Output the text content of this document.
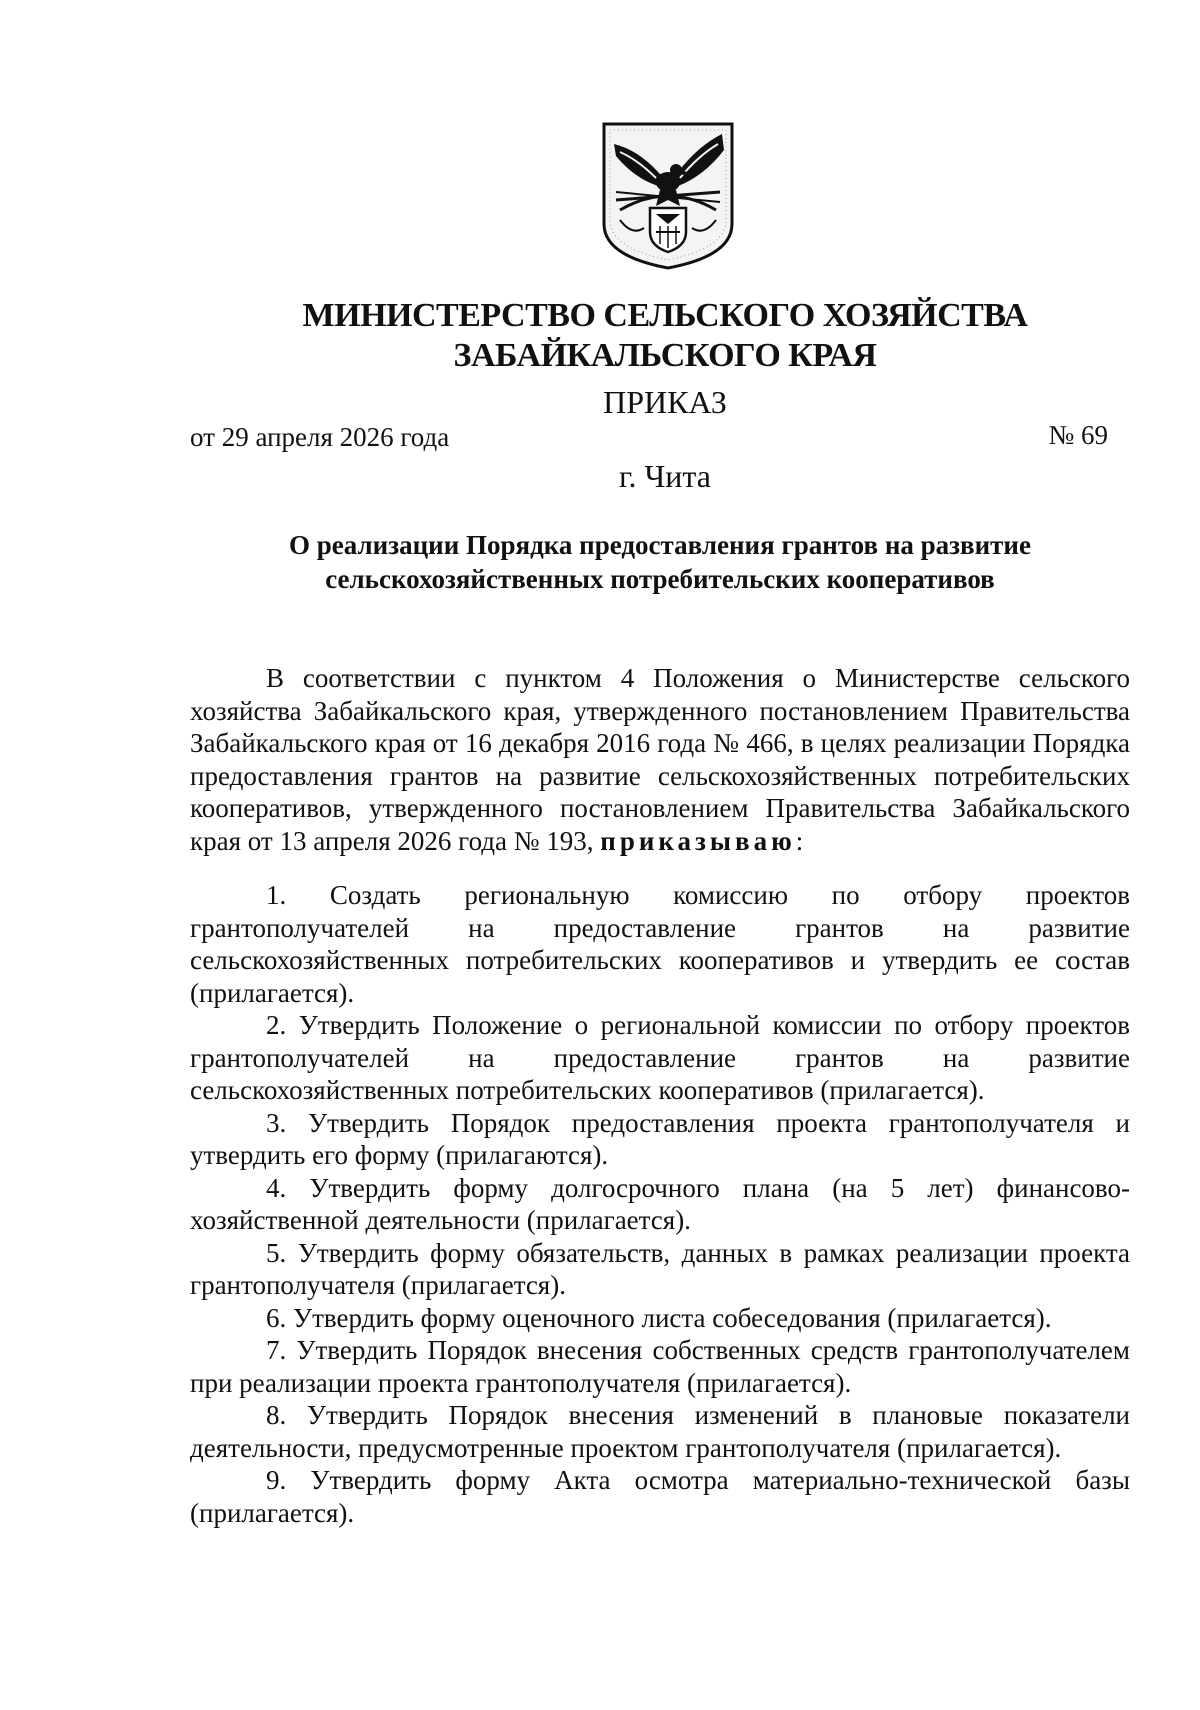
МИНИСТЕРСТВО СЕЛЬСКОГО ХОЗЯЙСТВА
ЗАБАЙКАЛЬСКОГО КРАЯ
ПРИКАЗ
от 29 апреля 2026 года	№ 69
г. Чита
О реализации Порядка предоставления грантов на развитие
сельскохозяйственных потребительских кооперативов

В соответствии с пунктом 4 Положения о Министерстве сельского хозяйства Забайкальского края, утвержденного постановлением Правительства Забайкальского края от 16 декабря 2016 года № 466, в целях реализации Порядка предоставления грантов на развитие сельскохозяйственных потребительских кооперативов, утвержденного постановлением Правительства Забайкальского края от 13 апреля 2026 года № 193, приказываю:

1. Создать региональную комиссию по отбору проектов грантополучателей на предоставление грантов на развитие сельскохозяйственных потребительских кооперативов и утвердить ее состав (прилагается).

2. Утвердить Положение о региональной комиссии по отбору проектов грантополучателей на предоставление грантов на развитие сельскохозяйственных потребительских кооперативов (прилагается).

3. Утвердить Порядок предоставления проекта грантополучателя и утвердить его форму (прилагаются).

4. Утвердить форму долгосрочного плана (на 5 лет) финансово-хозяйственной деятельности (прилагается).

5. Утвердить форму обязательств, данных в рамках реализации проекта грантополучателя (прилагается).

6. Утвердить форму оценочного листа собеседования (прилагается).

7. Утвердить Порядок внесения собственных средств грантополучателем при реализации проекта грантополучателя (прилагается).

8. Утвердить Порядок внесения изменений в плановые показатели деятельности, предусмотренные проектом грантополучателя (прилагается).

9. Утвердить форму Акта осмотра материально-технической базы (прилагается).
